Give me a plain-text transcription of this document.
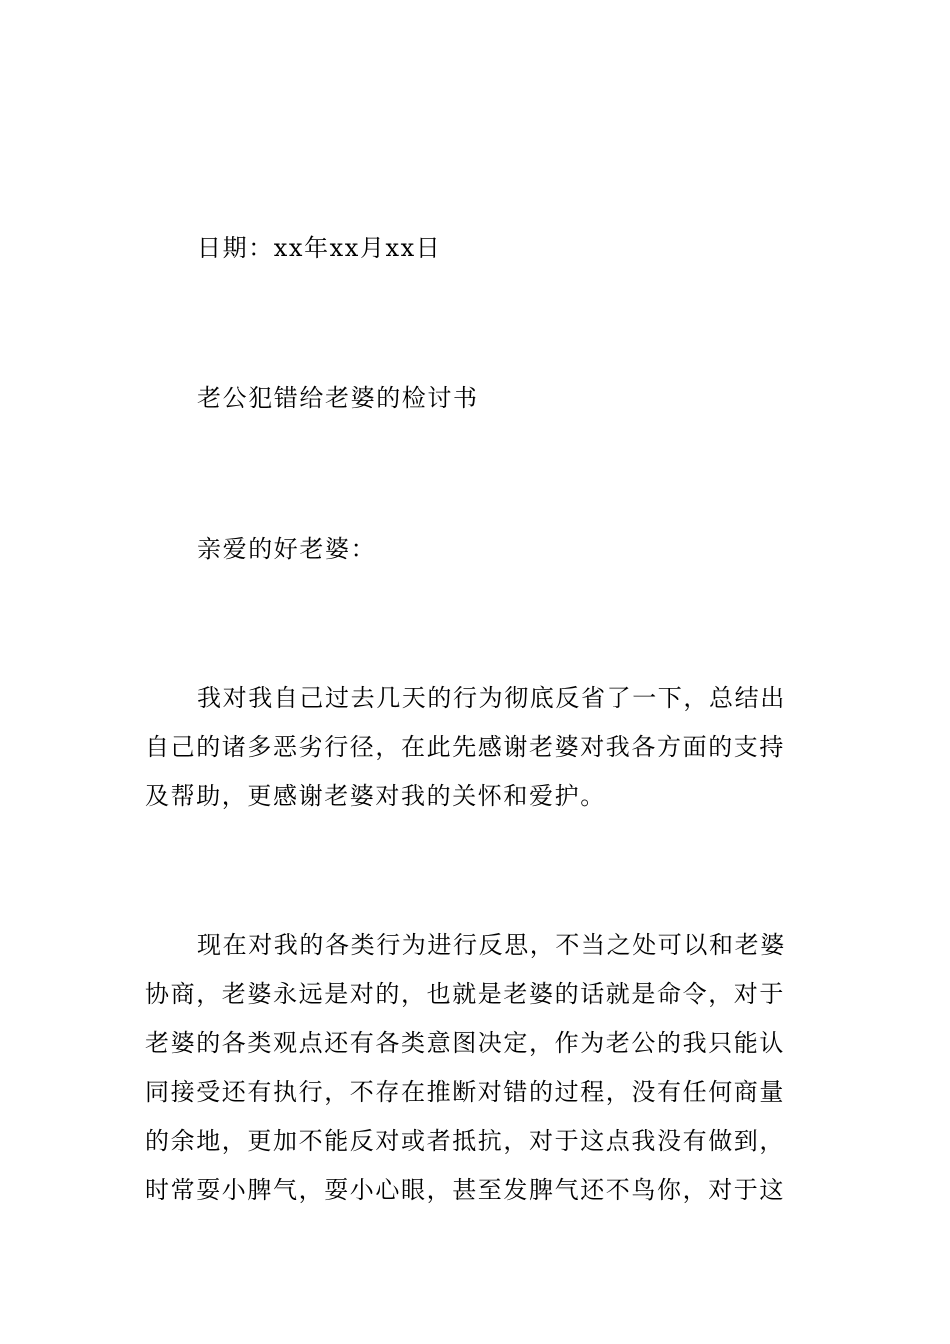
日期：xx年xx月xx日

老公犯错给老婆的检讨书

亲爱的好老婆：

我对我自己过去几天的行为彻底反省了一下，总结出自己的诸多恶劣行径，在此先感谢老婆对我各方面的支持及帮助，更感谢老婆对我的关怀和爱护。

现在对我的各类行为进行反思，不当之处可以和老婆协商，老婆永远是对的，也就是老婆的话就是命令，对于老婆的各类观点还有各类意图决定，作为老公的我只能认同接受还有执行，不存在推断对错的过程，没有任何商量的余地，更加不能反对或者抵抗，对于这点我没有做到，时常耍小脾气，耍小心眼，甚至发脾气还不鸟你，对于这
